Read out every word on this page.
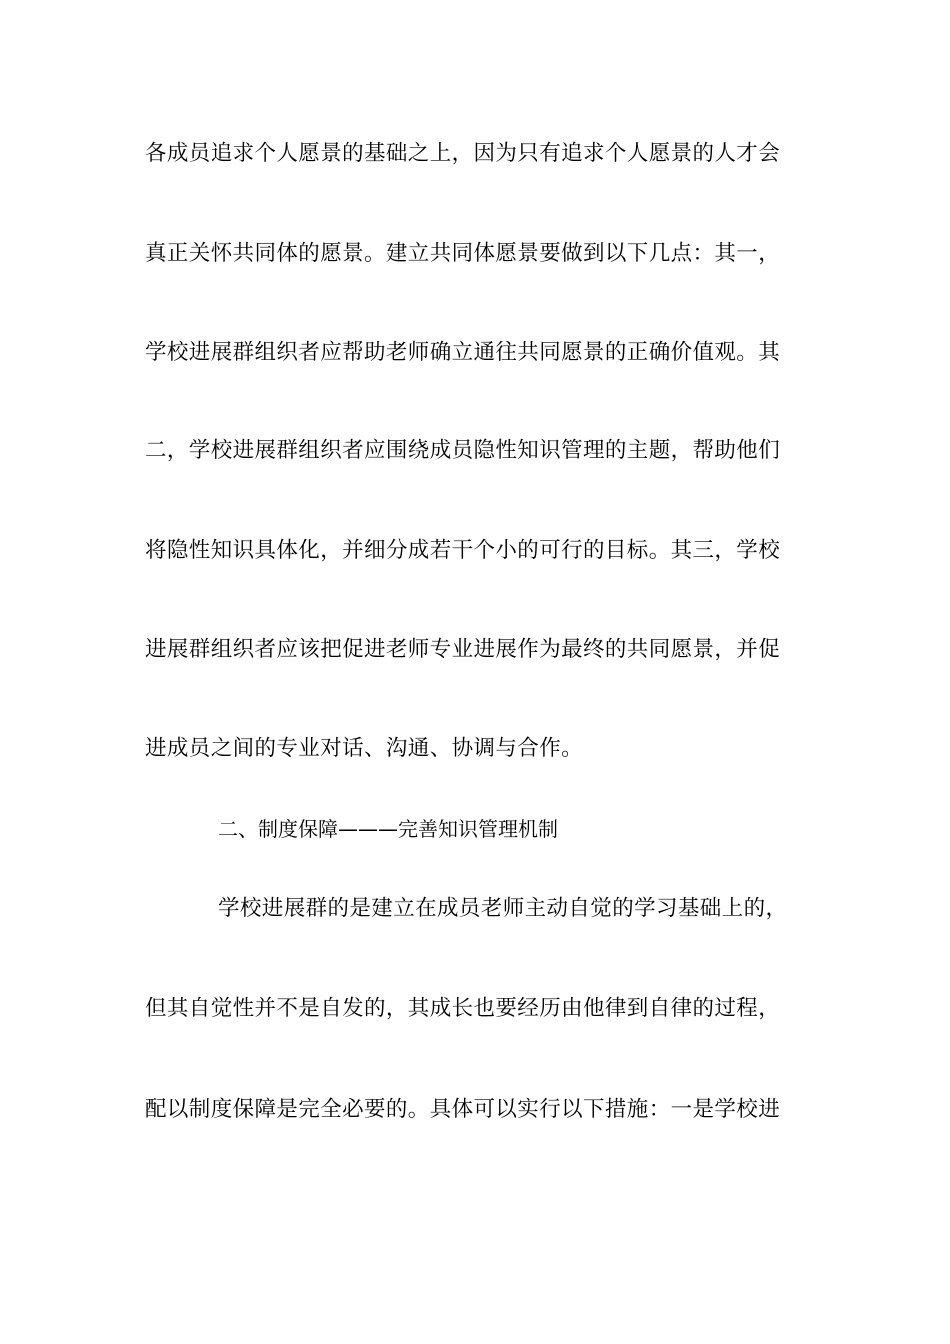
各成员追求个人愿景的基础之上，因为只有追求个人愿景的人才会
真正关怀共同体的愿景。建立共同体愿景要做到以下几点：其一，
学校进展群组织者应帮助老师确立通往共同愿景的正确价值观。其
二，学校进展群组织者应围绕成员隐性知识管理的主题，帮助他们
将隐性知识具体化，并细分成若干个小的可行的目标。其三，学校
进展群组织者应该把促进老师专业进展作为最终的共同愿景，并促
进成员之间的专业对话、沟通、协调与合作。
二、制度保障———完善知识管理机制
学校进展群的是建立在成员老师主动自觉的学习基础上的，
但其自觉性并不是自发的，其成长也要经历由他律到自律的过程，
配以制度保障是完全必要的。具体可以实行以下措施：一是学校进
